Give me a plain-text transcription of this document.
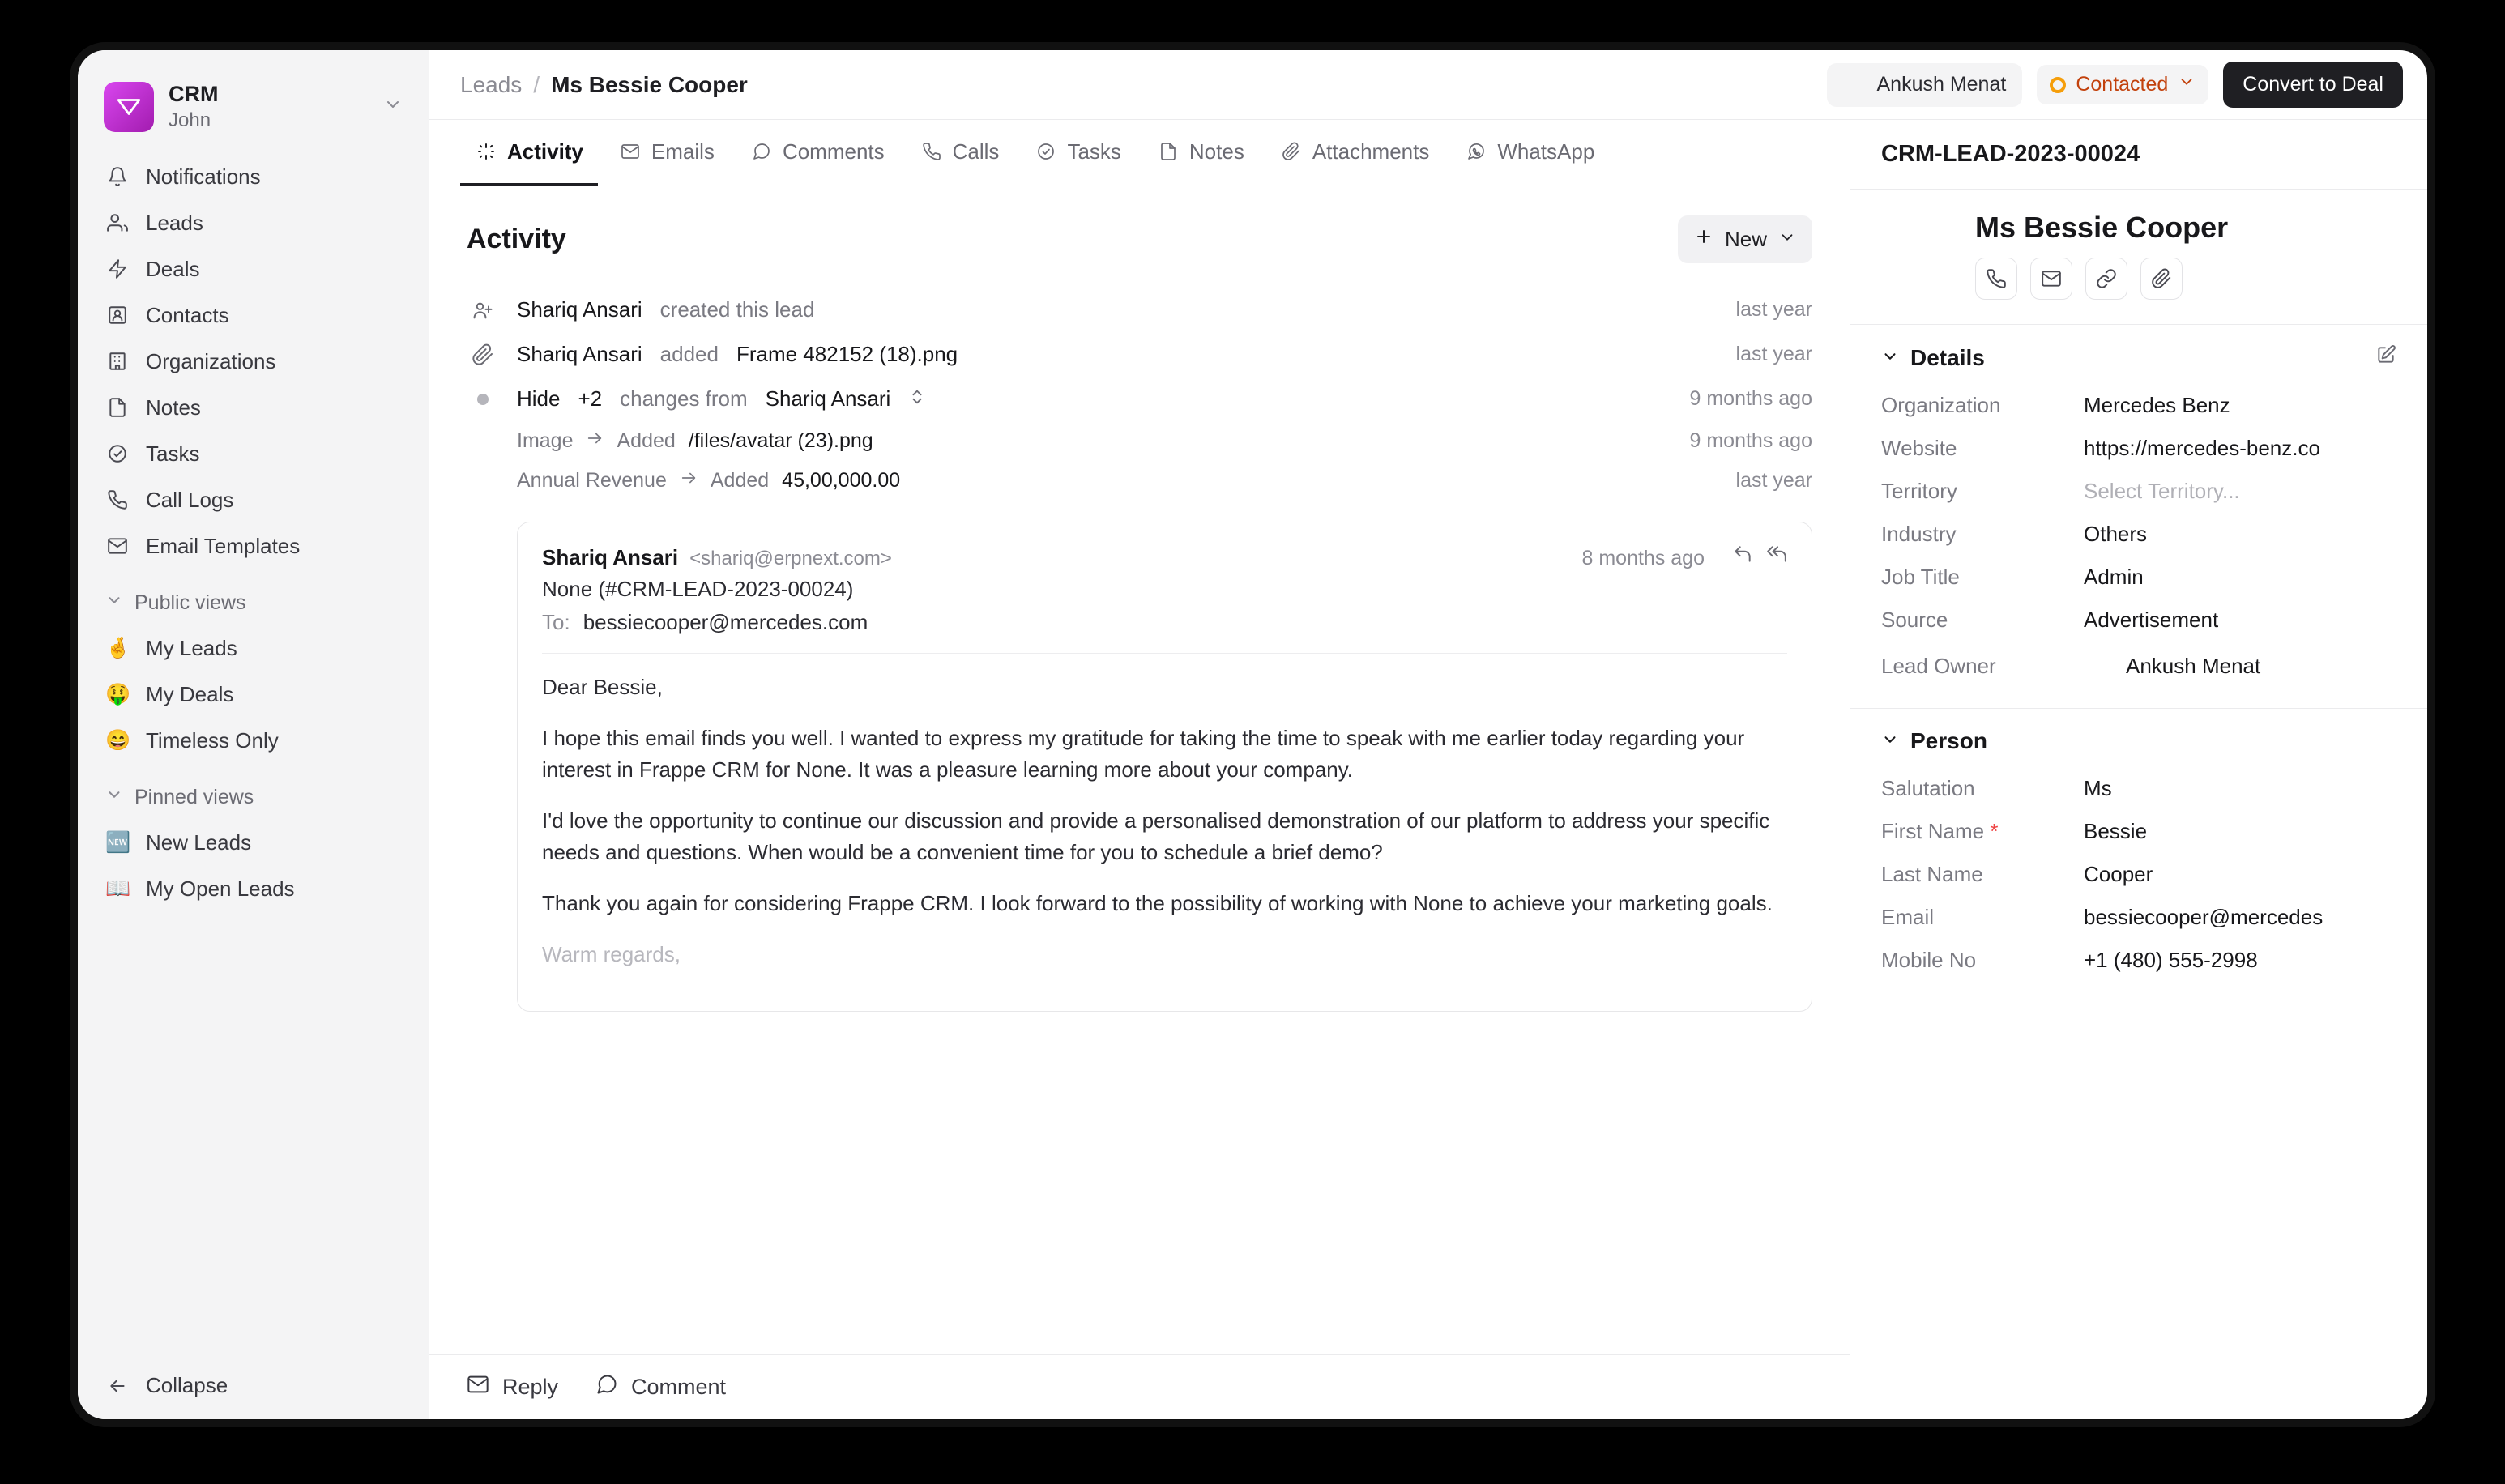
CRM
John
Notifications
Leads
Deals
Contacts
Organizations
Notes
Tasks
Call Logs
Email Templates
Public views
🤞 My Leads
🤑 My Deals
😄 Timeless Only
Pinned views
🆕 New Leads
📖 My Open Leads
Collapse
Leads / Ms Bessie Cooper	Ankush Menat	Contacted	Convert to Deal
Activity	Emails	Comments	Calls	Tasks	Notes	Attachments	WhatsApp
Activity	New
Shariq Ansari created this lead	last year
Shariq Ansari added Frame 482152 (18).png	last year
Hide +2 changes from Shariq Ansari	9 months ago
Image Added /files/avatar (23).png	9 months ago
Annual Revenue Added 45,00,000.00	last year
Shariq Ansari <shariq@erpnext.com>	8 months ago
None (#CRM-LEAD-2023-00024)
To: bessiecooper@mercedes.com

Dear Bessie,

I hope this email finds you well. I wanted to express my gratitude for taking the time to speak with me earlier today regarding your interest in Frappe CRM for None. It was a pleasure learning more about your company.

I'd love the opportunity to continue our discussion and provide a personalised demonstration of our platform to address your specific needs and questions. When would be a convenient time for you to schedule a brief demo?

Thank you again for considering Frappe CRM. I look forward to the possibility of working with None to achieve your marketing goals.

Warm regards,

Reply	Comment
CRM-LEAD-2023-00024
Ms Bessie Cooper
Details
Organization	Mercedes Benz
Website	https://mercedes-benz.co
Territory	Select Territory...
Industry	Others
Job Title	Admin
Source	Advertisement
Lead Owner	Ankush Menat
Person
Salutation	Ms
First Name *	Bessie
Last Name	Cooper
Email	bessiecooper@mercedes
Mobile No	+1 (480) 555-2998
